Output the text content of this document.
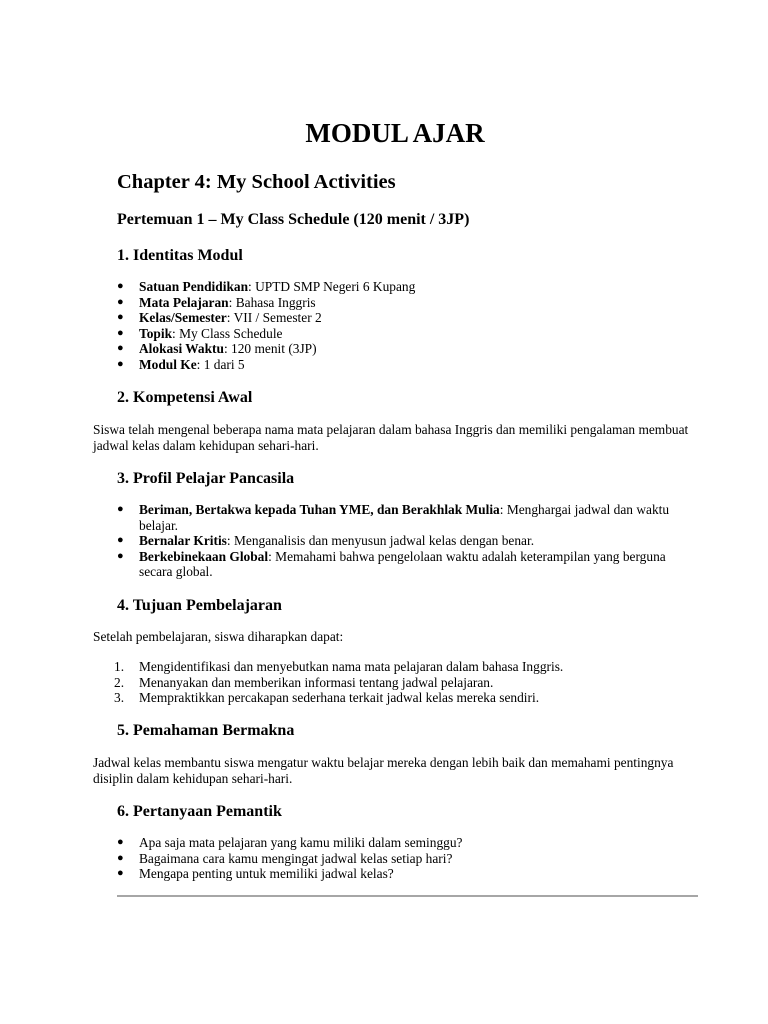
MODUL AJAR
Chapter 4: My School Activities
Pertemuan 1 – My Class Schedule (120 menit / 3JP)
1. Identitas Modul
● Satuan Pendidikan: UPTD SMP Negeri 6 Kupang
● Mata Pelajaran: Bahasa Inggris
● Kelas/Semester: VII / Semester 2
● Topik: My Class Schedule
● Alokasi Waktu: 120 menit (3JP)
● Modul Ke: 1 dari 5
2. Kompetensi Awal

Siswa telah mengenal beberapa nama mata pelajaran dalam bahasa Inggris dan memiliki pengalaman membuat jadwal kelas dalam kehidupan sehari-hari.

3. Profil Pelajar Pancasila
● Beriman, Bertakwa kepada Tuhan YME, dan Berakhlak Mulia: Menghargai jadwal dan waktu belajar.
● Bernalar Kritis: Menganalisis dan menyusun jadwal kelas dengan benar.
● Berkebinekaan Global: Memahami bahwa pengelolaan waktu adalah keterampilan yang berguna secara global.
4. Tujuan Pembelajaran

Setelah pembelajaran, siswa diharapkan dapat:

1. Mengidentifikasi dan menyebutkan nama mata pelajaran dalam bahasa Inggris.
2. Menanyakan dan memberikan informasi tentang jadwal pelajaran.
3. Mempraktikkan percakapan sederhana terkait jadwal kelas mereka sendiri.
5. Pemahaman Bermakna

Jadwal kelas membantu siswa mengatur waktu belajar mereka dengan lebih baik dan memahami pentingnya disiplin dalam kehidupan sehari-hari.

6. Pertanyaan Pemantik
● Apa saja mata pelajaran yang kamu miliki dalam seminggu?
● Bagaimana cara kamu mengingat jadwal kelas setiap hari?
● Mengapa penting untuk memiliki jadwal kelas?
